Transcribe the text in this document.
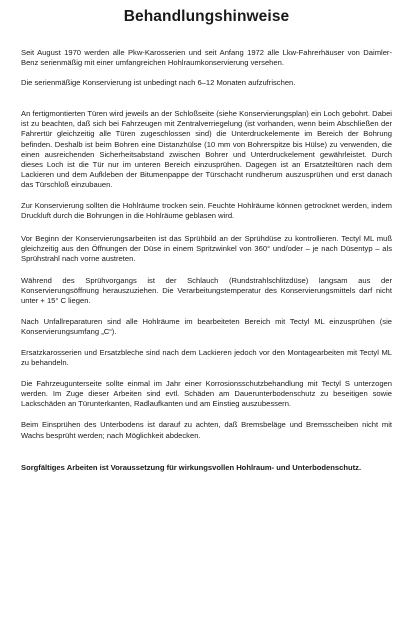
Behandlungshinweise

Seit August 1970 werden alle Pkw-Karosserien und seit Anfang 1972 alle Lkw-Fahrerhäuser von Daimler-Benz serienmäßig mit einer umfangreichen Hohlraumkonservierung versehen.

Die serienmäßige Konservierung ist unbedingt nach 6–12 Monaten aufzufrischen.

An fertigmontierten Türen wird jeweils an der Schloßseite (siehe Konservierungsplan) ein Loch gebohrt. Dabei ist zu beachten, daß sich bei Fahrzeugen mit Zentralverriegelung (ist vorhanden, wenn beim Abschließen der Fahrertür gleichzeitig alle Türen zugeschlossen sind) die Unterdruckelemente im Bereich der Bohrung befinden. Deshalb ist beim Bohren eine Distanzhülse (10 mm von Bohrerspitze bis Hülse) zu verwenden, die einen ausreichenden Sicherheitsabstand zwischen Bohrer und Unterdruckelement gewährleistet. Durch dieses Loch ist die Tür nur im unteren Bereich einzusprühen. Dagegen ist an Ersatzteiltüren nach dem Lackieren und dem Aufkleben der Bitumenpappe der Türschacht rundherum auszusprühen und erst danach das Türschloß einzubauen.

Zur Konservierung sollten die Hohlräume trocken sein. Feuchte Hohlräume können getrocknet werden, indem Druckluft durch die Bohrungen in die Hohlräume geblasen wird.

Vor Beginn der Konservierungsarbeiten ist das Sprühbild an der Sprühdüse zu kontrollieren. Tectyl ML muß gleichzeitig aus den Öffnungen der Düse in einem Spritzwinkel von 360° und/oder – je nach Düsentyp – als Sprühstrahl nach vorne austreten.

Während des Sprühvorgangs ist der Schlauch (Rundstrahlschlitzdüse) langsam aus der Konservierungsöffnung herauszuziehen. Die Verarbeitungstemperatur des Konservierungsmittels darf nicht unter + 15° C liegen.

Nach Unfallreparaturen sind alle Hohlräume im bearbeiteten Bereich mit Tectyl ML einzusprühen (sie Konservierungsumfang „C“).

Ersatzkarosserien und Ersatzbleche sind nach dem Lackieren jedoch vor den Montagearbeiten mit Tectyl ML zu behandeln.

Die Fahrzeugunterseite sollte einmal im Jahr einer Korrosionsschutzbehandlung mit Tectyl S unterzogen werden. Im Zuge dieser Arbeiten sind evtl. Schäden am Dauerunterbodenschutz zu beseitigen sowie Lackschäden an Türunterkanten, Radlaufkanten und am Einstieg auszubessern.

Beim Einsprühen des Unterbodens ist darauf zu achten, daß Bremsbeläge und Bremsscheiben nicht mit Wachs besprüht werden; nach Möglichkeit abdecken.

Sorgfältiges Arbeiten ist Voraussetzung für wirkungsvollen Hohlraum- und Unterbodenschutz.
